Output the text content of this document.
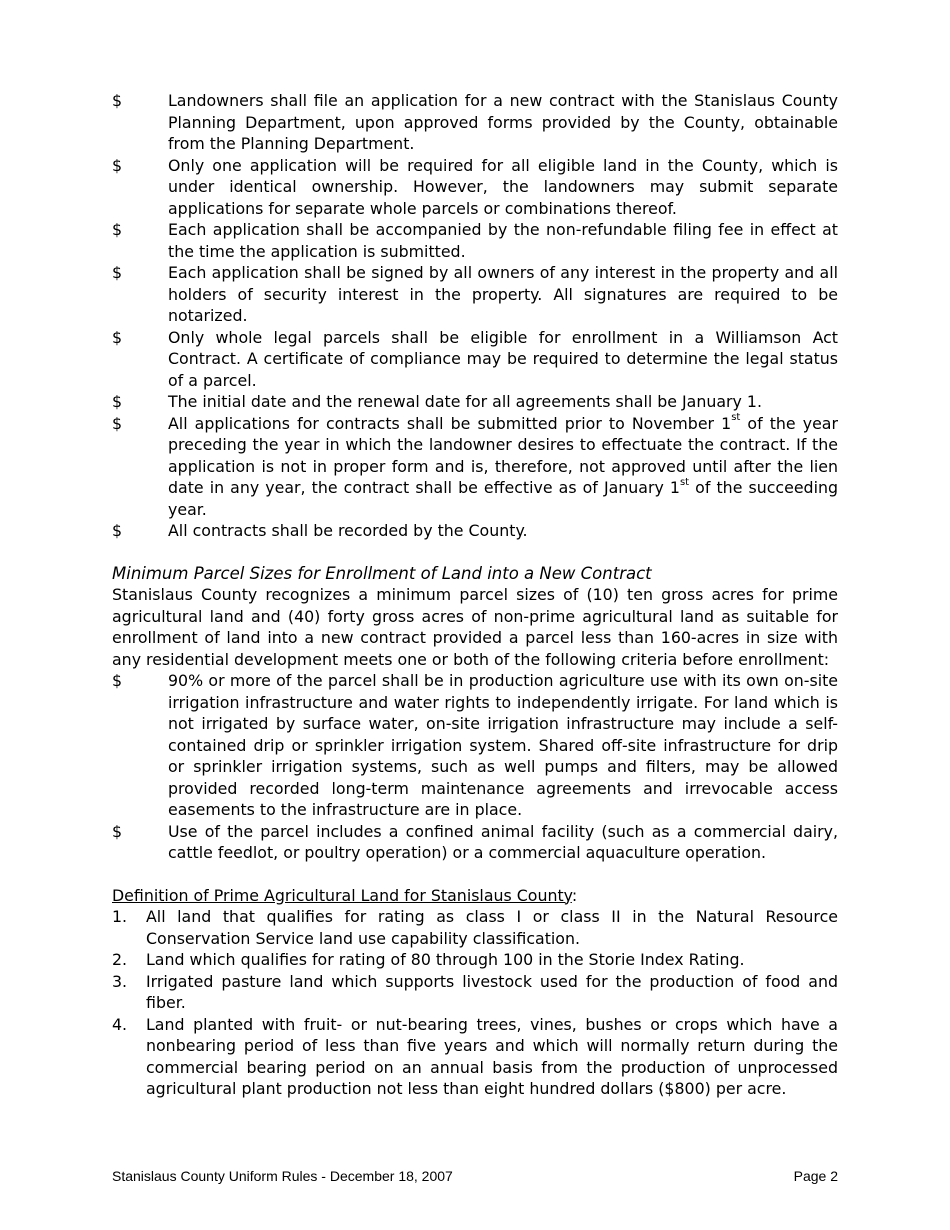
$	Landowners shall file an application for a new contract with the Stanislaus County Planning Department, upon approved forms provided by the County, obtainable from the Planning Department.
$	Only one application will be required for all eligible land in the County, which is under identical ownership. However, the landowners may submit separate applications for separate whole parcels or combinations thereof.
$	Each application shall be accompanied by the non-refundable filing fee in effect at the time the application is submitted.
$	Each application shall be signed by all owners of any interest in the property and all holders of security interest in the property. All signatures are required to be notarized.
$	Only whole legal parcels shall be eligible for enrollment in a Williamson Act Contract. A certificate of compliance may be required to determine the legal status of a parcel.
$	The initial date and the renewal date for all agreements shall be January 1.
$	All applications for contracts shall be submitted prior to November 1st of the year preceding the year in which the landowner desires to effectuate the contract. If the application is not in proper form and is, therefore, not approved until after the lien date in any year, the contract shall be effective as of January 1st of the succeeding year.
$	All contracts shall be recorded by the County.
Minimum Parcel Sizes for Enrollment of Land into a New Contract
Stanislaus County recognizes a minimum parcel sizes of (10) ten gross acres for prime agricultural land and (40) forty gross acres of non-prime agricultural land as suitable for enrollment of land into a new contract provided a parcel less than 160-acres in size with any residential development meets one or both of the following criteria before enrollment:
$	90% or more of the parcel shall be in production agriculture use with its own on-site irrigation infrastructure and water rights to independently irrigate. For land which is not irrigated by surface water, on-site irrigation infrastructure may include a self-contained drip or sprinkler irrigation system. Shared off-site infrastructure for drip or sprinkler irrigation systems, such as well pumps and filters, may be allowed provided recorded long-term maintenance agreements and irrevocable access easements to the infrastructure are in place.
$	Use of the parcel includes a confined animal facility (such as a commercial dairy, cattle feedlot, or poultry operation) or a commercial aquaculture operation.
Definition of Prime Agricultural Land for Stanislaus County:
1.	All land that qualifies for rating as class I or class II in the Natural Resource Conservation Service land use capability classification.
2.	Land which qualifies for rating of 80 through 100 in the Storie Index Rating.
3.	Irrigated pasture land which supports livestock used for the production of food and fiber.
4.	Land planted with fruit- or nut-bearing trees, vines, bushes or crops which have a nonbearing period of less than five years and which will normally return during the commercial bearing period on an annual basis from the production of unprocessed agricultural plant production not less than eight hundred dollars ($800) per acre.
Stanislaus County Uniform Rules - December 18, 2007	Page 2
